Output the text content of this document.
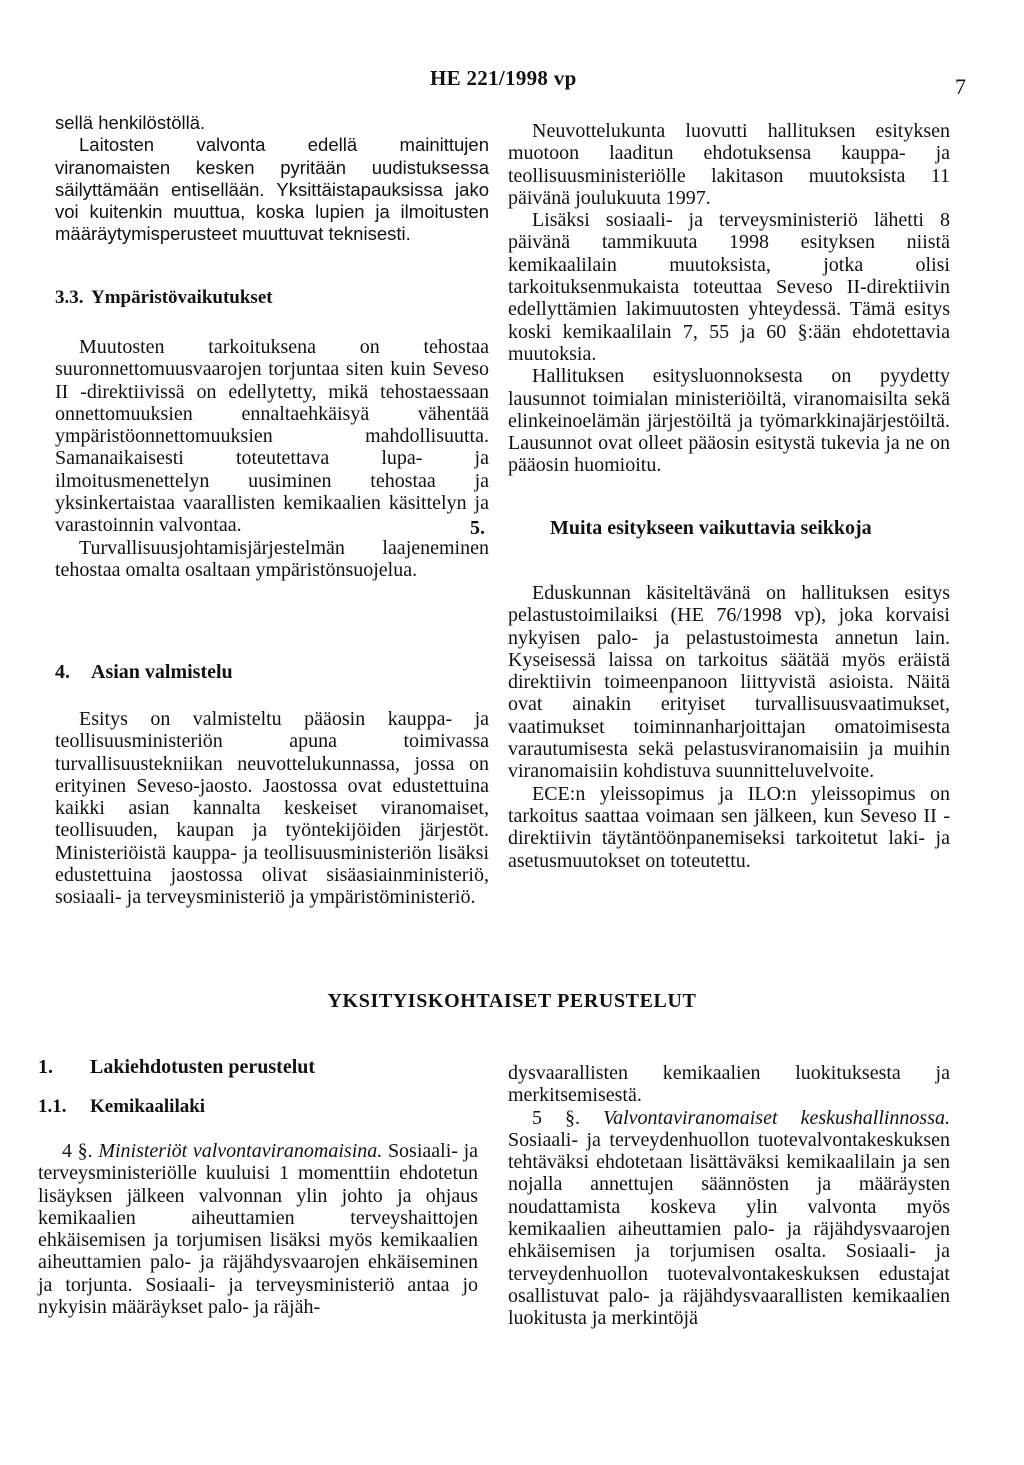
HE 221/1998 vp	7

sellä henkilöstöllä.

Laitosten valvonta edellä mainittujen viranomaisten kesken pyritään uudistuksessa säilyttämään entisellään. Yksittäistapauksissa jako voi kuitenkin muuttua, koska lupien ja ilmoitusten määräytymisperusteet muuttuvat teknisesti.

3.3. Ympäristövaikutukset

Muutosten tarkoituksena on tehostaa suuronnettomuusvaarojen torjuntaa siten kuin Seveso II -direktiivissä on edellytetty, mikä tehostaessaan onnettomuuksien ennaltaehkäisyä vähentää ympäristöonnettomuuksien mahdollisuutta. Samanaikaisesti toteutettava lupa- ja ilmoitusmenettelyn uusiminen tehostaa ja yksinkertaistaa vaarallisten kemikaalien käsittelyn ja varastoinnin valvontaa.

Turvallisuusjohtamisjärjestelmän laajeneminen tehostaa omalta osaltaan ympäristönsuojelua.

4. Asian valmistelu

Esitys on valmisteltu pääosin kauppa- ja teollisuusministeriön apuna toimivassa turvallisuustekniikan neuvottelukunnassa, jossa on erityinen Seveso-jaosto. Jaostossa ovat edustettuina kaikki asian kannalta keskeiset viranomaiset, teollisuuden, kaupan ja työntekijöiden järjestöt. Ministeriöistä kauppa- ja teollisuusministeriön lisäksi edustettuina jaostossa olivat sisäasiainministeriö, sosiaali- ja terveysministeriö ja ympäristöministeriö.

Neuvottelukunta luovutti hallituksen esityksen muotoon laaditun ehdotuksensa kauppa- ja teollisuusministeriölle lakitason muutoksista 11 päivänä joulukuuta 1997.

Lisäksi sosiaali- ja terveysministeriö lähetti 8 päivänä tammikuuta 1998 esityksen niistä kemikaalilain muutoksista, jotka olisi tarkoituksenmukaista toteuttaa Seveso II-direktiivin edellyttämien lakimuutosten yhteydessä. Tämä esitys koski kemikaalilain 7, 55 ja 60 §:ään ehdotettavia muutoksia.

Hallituksen esitysluonnoksesta on pyydetty lausunnot toimialan ministeriöiltä, viranomaisilta sekä elinkeinoelämän järjestöiltä ja työmarkkinajärjestöiltä. Lausunnot ovat olleet pääosin esitystä tukevia ja ne on pääosin huomioitu.

5.	Muita esitykseen vaikuttavia seikkoja

Eduskunnan käsiteltävänä on hallituksen esitys pelastustoimilaiksi (HE 76/1998 vp), joka korvaisi nykyisen palo- ja pelastustoimesta annetun lain. Kyseisessä laissa on tarkoitus säätää myös eräistä direktiivin toimeenpanoon liittyvistä asioista. Näitä ovat ainakin erityiset turvallisuusvaatimukset, vaatimukset toiminnanharjoittajan omatoimisesta varautumisesta sekä pelastusviranomaisiin ja muihin viranomaisiin kohdistuva suunnitteluvelvoite.

ECE:n yleissopimus ja ILO:n yleissopimus on tarkoitus saattaa voimaan sen jälkeen, kun Seveso II -direktiivin täytäntöönpanemiseksi tarkoitetut laki- ja asetusmuutokset on toteutettu.

YKSITYISKOHTAISET PERUSTELUT
1. Lakiehdotusten perustelut
1.1. Kemikaalilaki

4 §. Ministeriöt valvontaviranomaisina. Sosiaali- ja terveysministeriölle kuuluisi 1 momenttiin ehdotetun lisäyksen jälkeen valvonnan ylin johto ja ohjaus kemikaalien aiheuttamien terveyshaittojen ehkäisemisen ja torjumisen lisäksi myös kemikaalien aiheuttamien palo- ja räjähdysvaarojen ehkäiseminen ja torjunta. Sosiaali- ja terveysministeriö antaa jo nykyisin määräykset palo- ja räjäh-

dysvaarallisten kemikaalien luokituksesta ja merkitsemisestä.

5 §. Valvontaviranomaiset keskushallinnossa. Sosiaali- ja terveydenhuollon tuotevalvontakeskuksen tehtäväksi ehdotetaan lisättäväksi kemikaalilain ja sen nojalla annettujen säännösten ja määräysten noudattamista koskeva ylin valvonta myös kemikaalien aiheuttamien palo- ja räjähdysvaarojen ehkäisemisen ja torjumisen osalta. Sosiaali- ja terveydenhuollon tuotevalvontakeskuksen edustajat osallistuvat palo- ja räjähdysvaarallisten kemikaalien luokitusta ja merkintöjä
